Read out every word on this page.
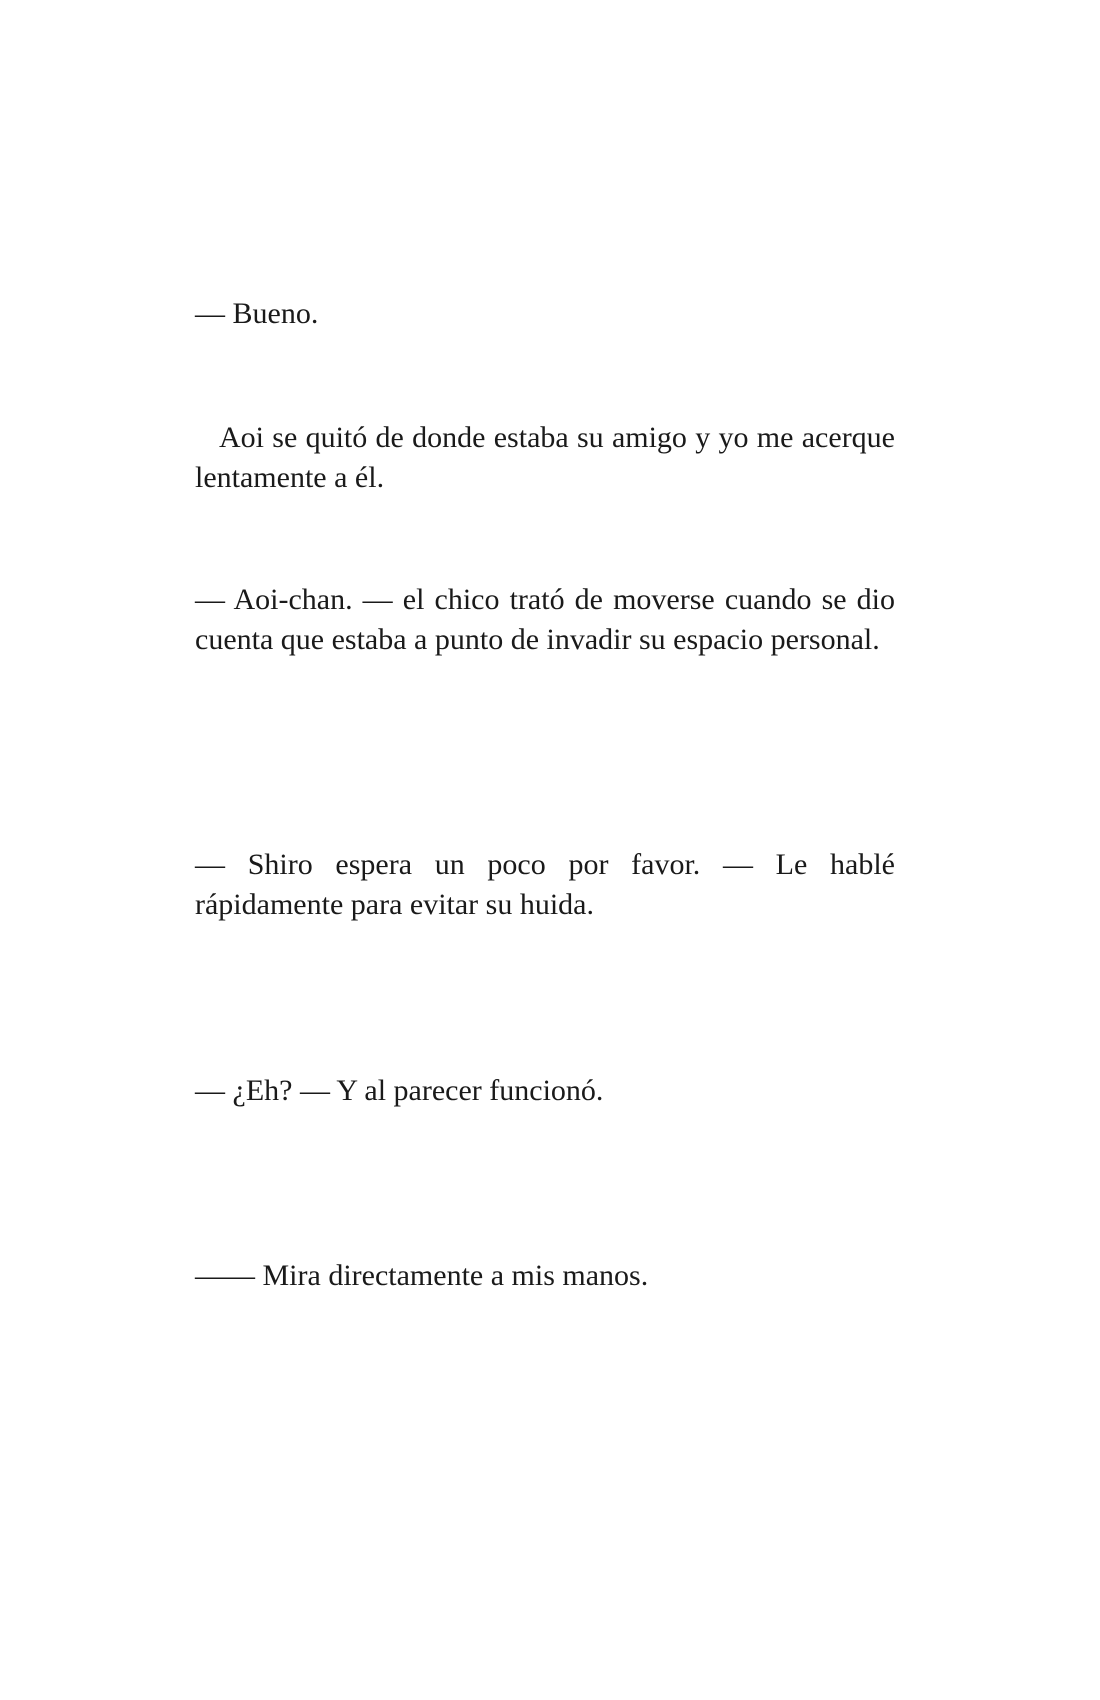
— Bueno.

Aoi se quitó de donde estaba su amigo y yo me acerque lentamente a él.

— Aoi-chan. — el chico trató de moverse cuando se dio cuenta que estaba a punto de invadir su espacio personal.

— Shiro espera un poco por favor. — Le hablé rápidamente para evitar su huida.

— ¿Eh? — Y al parecer funcionó.

—— Mira directamente a mis manos.
